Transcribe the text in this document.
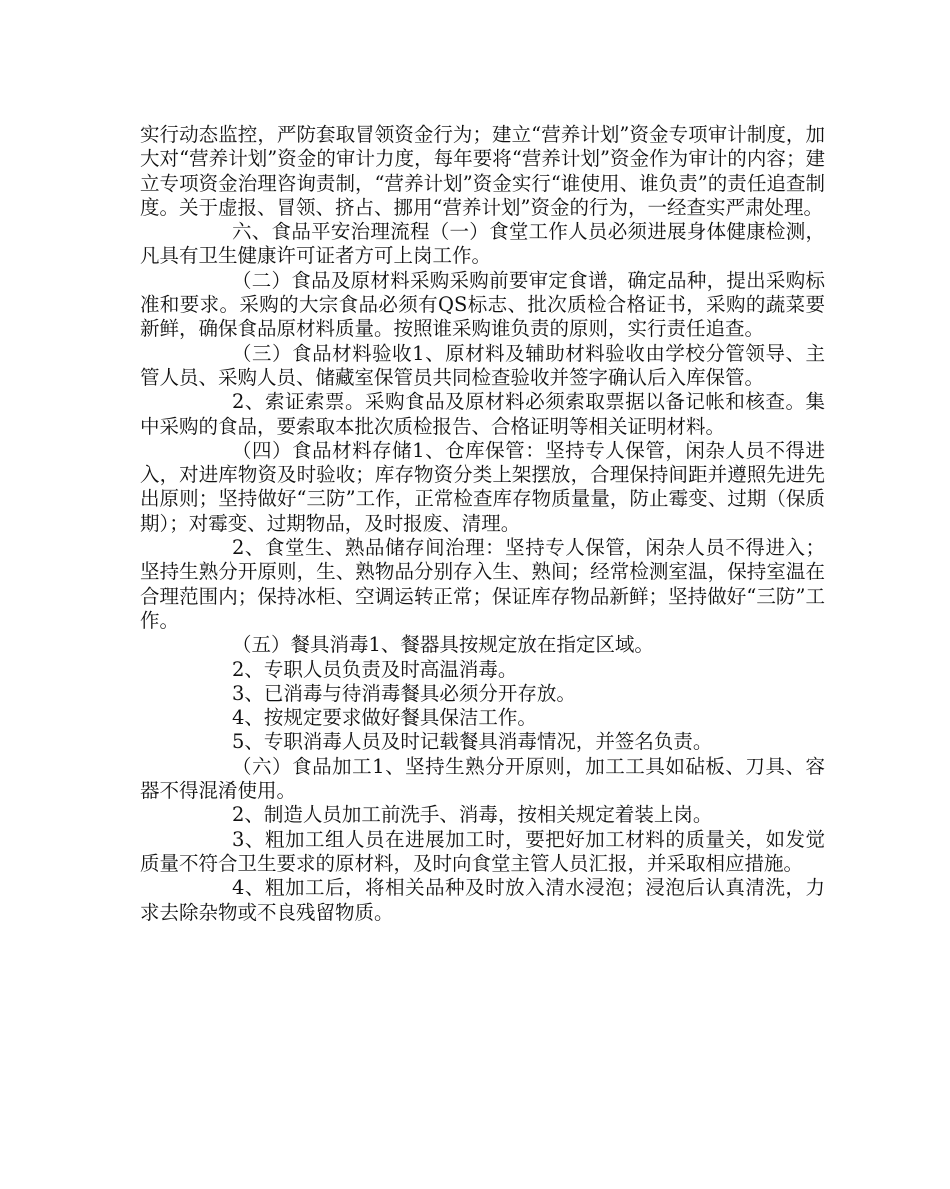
实行动态监控，严防套取冒领资金行为；建立“营养计划”资金专项审计制度，加大对“营养计划”资金的审计力度，每年要将“营养计划”资金作为审计的内容；建立专项资金治理咨询责制，“营养计划”资金实行“谁使用、谁负责”的责任追查制度。关于虚报、冒领、挤占、挪用“营养计划”资金的行为，一经查实严肃处理。

六、食品平安治理流程（一）食堂工作人员必须进展身体健康检测，凡具有卫生健康许可证者方可上岗工作。

（二）食品及原材料采购采购前要审定食谱，确定品种，提出采购标准和要求。采购的大宗食品必须有QS标志、批次质检合格证书，采购的蔬菜要新鲜，确保食品原材料质量。按照谁采购谁负责的原则，实行责任追查。

（三）食品材料验收1、原材料及辅助材料验收由学校分管领导、主管人员、采购人员、储藏室保管员共同检查验收并签字确认后入库保管。

2、索证索票。采购食品及原材料必须索取票据以备记帐和核查。集中采购的食品，要索取本批次质检报告、合格证明等相关证明材料。

（四）食品材料存储1、仓库保管：坚持专人保管，闲杂人员不得进入，对进库物资及时验收；库存物资分类上架摆放，合理保持间距并遵照先进先出原则；坚持做好“三防”工作，正常检查库存物质量量，防止霉变、过期（保质期）；对霉变、过期物品，及时报废、清理。

2、食堂生、熟品储存间治理：坚持专人保管，闲杂人员不得进入；坚持生熟分开原则，生、熟物品分别存入生、熟间；经常检测室温，保持室温在合理范围内；保持冰柜、空调运转正常；保证库存物品新鲜；坚持做好“三防”工作。

（五）餐具消毒1、餐器具按规定放在指定区域。

2、专职人员负责及时高温消毒。

3、已消毒与待消毒餐具必须分开存放。

4、按规定要求做好餐具保洁工作。

5、专职消毒人员及时记载餐具消毒情况，并签名负责。

（六）食品加工1、坚持生熟分开原则，加工工具如砧板、刀具、容器不得混淆使用。

2、制造人员加工前洗手、消毒，按相关规定着装上岗。

3、粗加工组人员在进展加工时，要把好加工材料的质量关，如发觉质量不符合卫生要求的原材料，及时向食堂主管人员汇报，并采取相应措施。

4、粗加工后，将相关品种及时放入清水浸泡；浸泡后认真清洗，力求去除杂物或不良残留物质。
